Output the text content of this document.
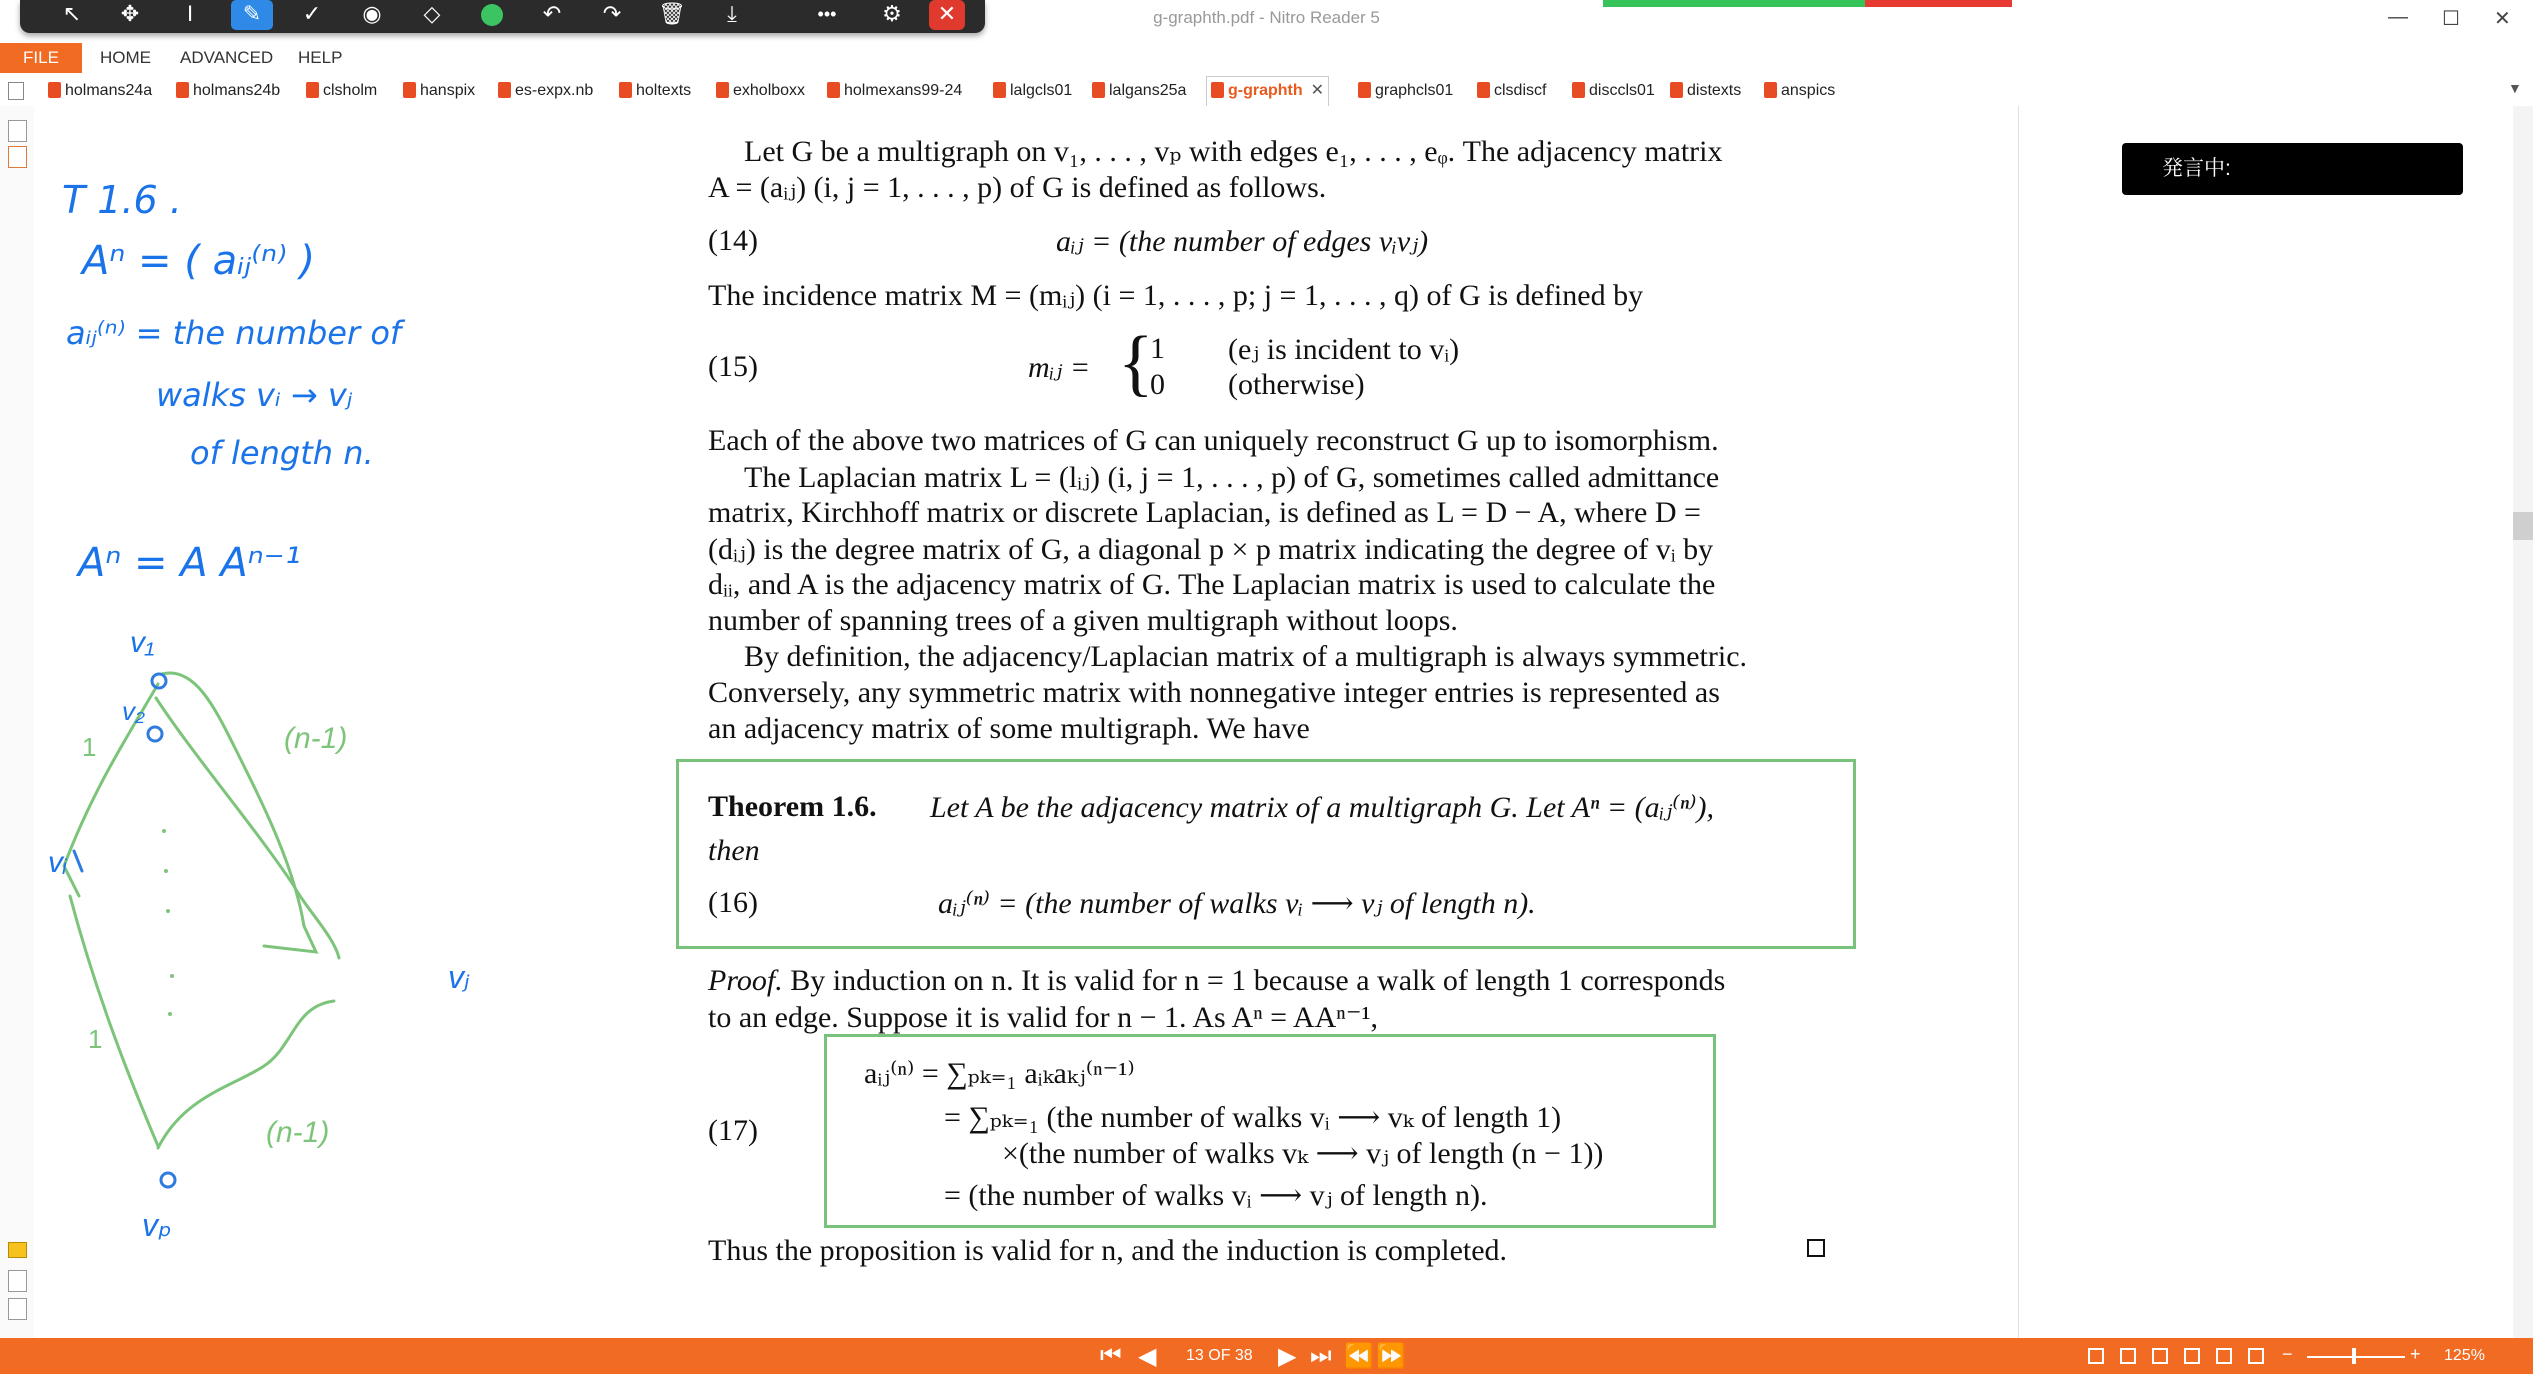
g-graphth.pdf - Nitro Reader 5	— ☐ ✕
↖	✥	I	✎	✓	◉	◇	↶	↷	🗑	⤓	•••	⚙	✕
FILE	HOME ADVANCED HELP
holmans24a	holmans24b	clsholm	hanspix	es-expx.nb	holtexts	exholboxx	holmexans99-24	lalgcls01	lalgans25a	g-graphth ✕	graphcls01	clsdiscf	disccls01	distexts	anspics	▼
T 1.6 .
Aⁿ = ( aᵢⱼ⁽ⁿ⁾ )
aᵢⱼ⁽ⁿ⁾ = the number of
walks vᵢ → vⱼ
of length n.
Aⁿ = A Aⁿ⁻¹
v₁
v₂
vᵢ
vⱼ
vₚ
(n-1)
(n-1)
1
1
Let G be a multigraph on v₁, . . . , vₚ with edges e₁, . . . , eᵩ. The adjacency matrix
A = (aᵢⱼ) (i, j = 1, . . . , p) of G is defined as follows.
(14)	aᵢⱼ = (the number of edges vᵢvⱼ)
The incidence matrix M = (mᵢⱼ) (i = 1, . . . , p; j = 1, . . . , q) of G is defined by
(15)	mᵢⱼ = {
1 (eⱼ is incident to vᵢ)
0 (otherwise)
Each of the above two matrices of G can uniquely reconstruct G up to isomorphism.
The Laplacian matrix L = (lᵢⱼ) (i, j = 1, . . . , p) of G, sometimes called admittance
matrix, Kirchhoff matrix or discrete Laplacian, is defined as L = D − A, where D =
(dᵢⱼ) is the degree matrix of G, a diagonal p × p matrix indicating the degree of vᵢ by
dᵢᵢ, and A is the adjacency matrix of G. The Laplacian matrix is used to calculate the
number of spanning trees of a given multigraph without loops.
By definition, the adjacency/Laplacian matrix of a multigraph is always symmetric.
Conversely, any symmetric matrix with nonnegative integer entries is represented as
an adjacency matrix of some multigraph. We have
Theorem 1.6. Let A be the adjacency matrix of a multigraph G. Let Aⁿ = (aᵢⱼ⁽ⁿ⁾),
then
(16)	aᵢⱼ⁽ⁿ⁾ = (the number of walks vᵢ ⟶ vⱼ of length n).
Proof. By induction on n. It is valid for n = 1 because a walk of length 1 corresponds
to an edge. Suppose it is valid for n − 1. As Aⁿ = AAⁿ⁻¹,
(17)
aᵢⱼ⁽ⁿ⁾ = ∑ₚₖ₌₁ aᵢₖaₖⱼ⁽ⁿ⁻¹⁾
= ∑ₚₖ₌₁ (the number of walks vᵢ ⟶ vₖ of length 1)
×(the number of walks vₖ ⟶ vⱼ of length (n − 1))
= (the number of walks vᵢ ⟶ vⱼ of length n).
Thus the proposition is valid for n, and the induction is completed.
発言中:
⏮ ◀ 13 OF 38 ▶ ⏭ ⏪ ⏩	−	+ 125%
